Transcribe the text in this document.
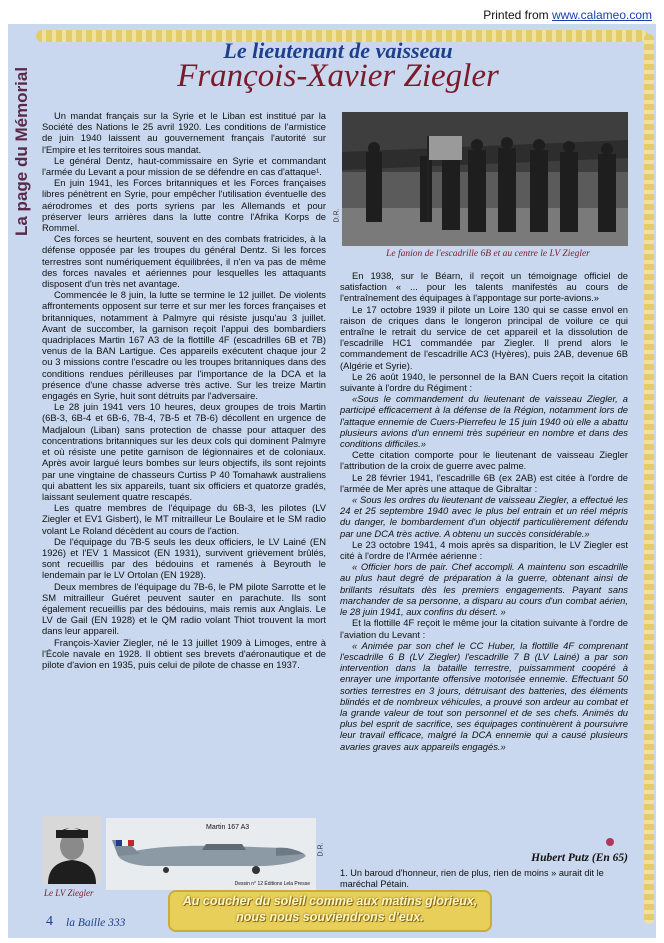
Printed from www.calameo.com
La page du Mémorial
Le lieutenant de vaisseau
François-Xavier Ziegler
D.R.
Le fanion de l'escadrille 6B et au centre le LV Ziegler

Un mandat français sur la Syrie et le Liban est institué par la Société des Nations le 25 avril 1920. Les conditions de l'armistice de juin 1940 laissent au gouvernement français l'autorité sur l'Empire et les territoires sous mandat.

Le général Dentz, haut-commissaire en Syrie et commandant l'armée du Levant a pour mission de se défendre en cas d'attaque¹.

En juin 1941, les Forces britanniques et les Forces françaises libres pénètrent en Syrie, pour empêcher l'utilisation éventuelle des aérodromes et des ports syriens par les Allemands et pour préserver leurs arrières dans la lutte contre l'Afrika Korps de Rommel.

Ces forces se heurtent, souvent en des combats fratricides, à la défense opposée par les troupes du général Dentz. Si les forces terrestres sont numériquement équilibrées, il n'en va pas de même des forces navales et aériennes pour lesquelles les attaquants disposent d'un très net avantage.

Commencée le 8 juin, la lutte se termine le 12 juillet. De violents affrontements opposent sur terre et sur mer les forces françaises et britanniques, notamment à Palmyre qui résiste jusqu'au 3 juillet. Avant de succomber, la garnison reçoit l'appui des bombardiers quadriplaces Martin 167 A3 de la flottille 4F (escadrilles 6B et 7B) venus de la BAN Lartigue. Ces appareils exécutent chaque jour 2 ou 3 missions contre l'escadre ou les troupes britanniques dans des conditions rendues périlleuses par l'importance de la DCA et la présence d'une chasse adverse très active. Sur les treize Martin engagés en Syrie, huit sont détruits par l'adversaire.

Le 28 juin 1941 vers 10 heures, deux groupes de trois Martin (6B-3, 6B-4 et 6B-6, 7B-4, 7B-5 et 7B-6) décollent en urgence de Madjaloun (Liban) sans protection de chasse pour attaquer des concentrations britanniques sur les deux cols qui dominent Palmyre et où résiste une petite garnison de légionnaires et de coloniaux. Après avoir largué leurs bombes sur leurs objectifs, ils sont rejoints par une vingtaine de chasseurs Curtiss P 40 Tomahawk australiens qui abattent les six appareils, tuant six officiers et quatorze gradés, laissant seulement quatre rescapés.

Les quatre membres de l'équipage du 6B-3, les pilotes (LV Ziegler et EV1 Gisbert), le MT mitrailleur Le Boulaire et le SM radio volant Le Roland décèdent au cours de l'action.

De l'équipage du 7B-5 seuls les deux officiers, le LV Lainé (EN 1926) et l'EV 1 Massicot (EN 1931), survivent grièvement brûlés, sont recueillis par des bédouins et ramenés à Beyrouth le lendemain par le LV Ortolan (EN 1928).

Deux membres de l'équipage du 7B-6, le PM pilote Sarrotte et le SM mitrailleur Guéret peuvent sauter en parachute. Ils sont également recueillis par des bédouins, mais remis aux Anglais. Le LV de Gail (EN 1928) et le QM radio volant Thiot trouvent la mort dans leur appareil.

François-Xavier Ziegler, né le 13 juillet 1909 à Limoges, entre à l'École navale en 1928. Il obtient ses brevets d'aéronautique et de pilote d'avion en 1935, puis celui de pilote de chasse en 1937.

En 1938, sur le Béarn, il reçoit un témoignage officiel de satisfaction « ... pour les talents manifestés au cours de l'entraînement des équipages à l'appontage sur porte-avions.»

Le 17 octobre 1939 il pilote un Loire 130 qui se casse envol en raison de criques dans le longeron principal de voilure ce qui entraîne le retrait du service de cet appareil et la dissolution de l'escadrille HC1 commandée par Ziegler. Il prend alors le commandement de l'escadrille AC3 (Hyères), puis 2AB, devenue 6B (Algérie et Syrie).

Le 26 août 1940, le personnel de la BAN Cuers reçoit la citation suivante à l'ordre du Régiment :

«Sous le commandement du lieutenant de vaisseau Ziegler, a participé efficacement à la défense de la Région, notamment lors de l'attaque ennemie de Cuers-Pierrefeu le 15 juin 1940 où elle a abattu plusieurs avions d'un ennemi très supérieur en nombre et dans des conditions difficiles.»

Cette citation comporte pour le lieutenant de vaisseau Ziegler l'attribution de la croix de guerre avec palme.

Le 28 février 1941, l'escadrille 6B (ex 2AB) est citée à l'ordre de l'armée de Mer après une attaque de Gibraltar :

« Sous les ordres du lieutenant de vaisseau Ziegler, a effectué les 24 et 25 septembre 1940 avec le plus bel entrain et un réel mépris du danger, le bombardement d'un objectif particulièrement défendu par une DCA très active. A obtenu un succès considérable.»

Le 23 octobre 1941, 4 mois après sa disparition, le LV Ziegler est cité à l'ordre de l'Armée aérienne :

« Officier hors de pair. Chef accompli. A maintenu son escadrille au plus haut degré de préparation à la guerre, obtenant ainsi de brillants résultats dès les premiers engagements. Payant sans marchander de sa personne, a disparu au cours d'un combat aérien, le 28 juin 1941, aux confins du désert. »

Et la flottille 4F reçoit le même jour la citation suivante à l'ordre de l'aviation du Levant :

« Animée par son chef le CC Huber, la flottille 4F comprenant l'escadrille 6 B (LV Ziegler) l'escadrille 7 B (LV Lainé) a par son intervention dans la bataille terrestre, puissamment coopéré à enrayer une importante offensive motorisée ennemie. Effectuant 50 sorties terrestres en 3 jours, détruisant des batteries, des éléments blindés et de nombreux véhicules, a prouvé son ardeur au combat et la grande valeur de tout son personnel et de ses chefs. Animés du plus bel esprit de sacrifice, ses équipages continuèrent à poursuivre leur travail efficace, malgré la DCA ennemie qui a causé plusieurs avaries graves aux appareils engagés.»

Le LV Ziegler
Martin 167 A3
Dessin n° 12 Éditions Lela Presse
D.R.
Hubert Putz (En 65)
1. Un baroud d'honneur, rien de plus, rien de moins » aurait dit le maréchal Pétain.
Au coucher du soleil comme aux matins glorieux,
nous nous souviendrons d'eux.
4 la Baille 333
